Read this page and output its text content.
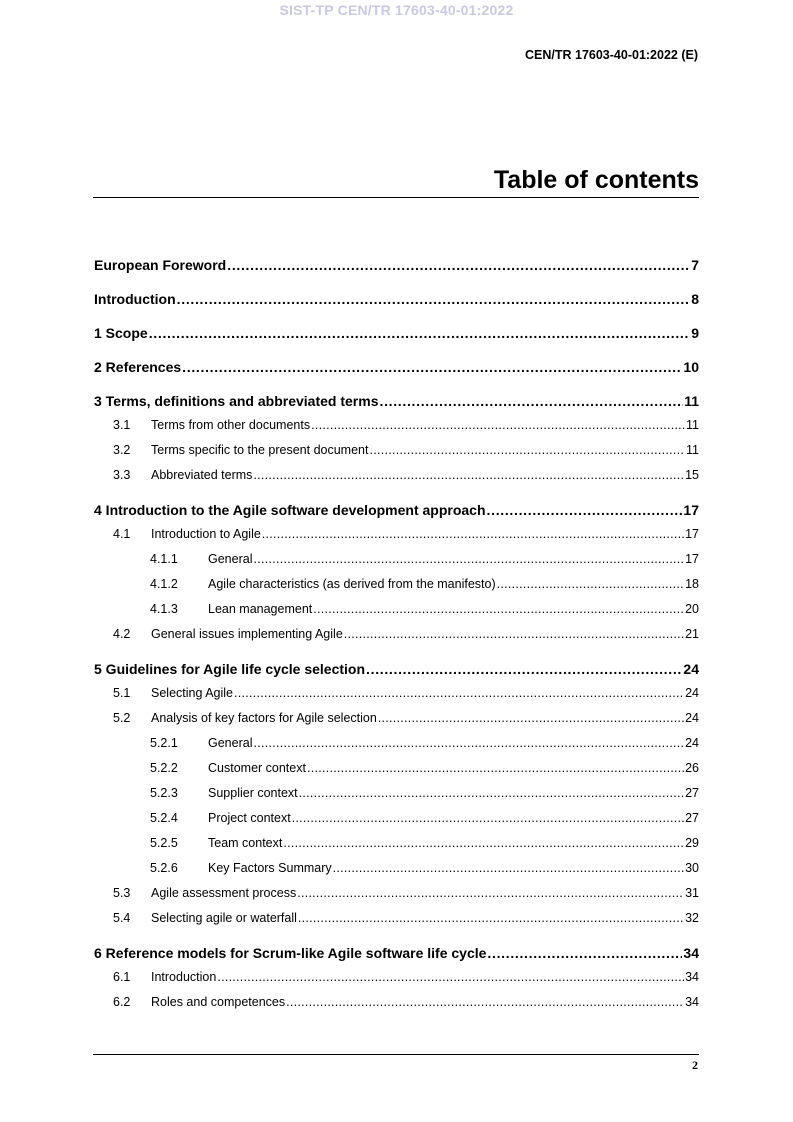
SIST-TP CEN/TR 17603-40-01:2022
CEN/TR 17603-40-01:2022 (E)
Table of contents
European Foreword . . .	7
Introduction . . .	8
1 Scope . . .	9
2 References . . .	10
3 Terms, definitions and abbreviated terms . . .	11
3.1 Terms from other documents . . .	11
3.2 Terms specific to the present document . . .	11
3.3 Abbreviated terms . . .	15
4 Introduction to the Agile software development approach . . .	17
4.1 Introduction to Agile . . .	17
4.1.1 General . . .	17
4.1.2 Agile characteristics (as derived from the manifesto) . . .	18
4.1.3 Lean management . . .	20
4.2 General issues implementing Agile . . .	21
5 Guidelines for Agile life cycle selection . . .	24
5.1 Selecting Agile . . .	24
5.2 Analysis of key factors for Agile selection . . .	24
5.2.1 General . . .	24
5.2.2 Customer context . . .	26
5.2.3 Supplier context . . .	27
5.2.4 Project context . . .	27
5.2.5 Team context . . .	29
5.2.6 Key Factors Summary . . .	30
5.3 Agile assessment process . . .	31
5.4 Selecting agile or waterfall . . .	32
6 Reference models for Scrum-like Agile software life cycle . . .	34
6.1 Introduction . . .	34
6.2 Roles and competences . . .	34
2
